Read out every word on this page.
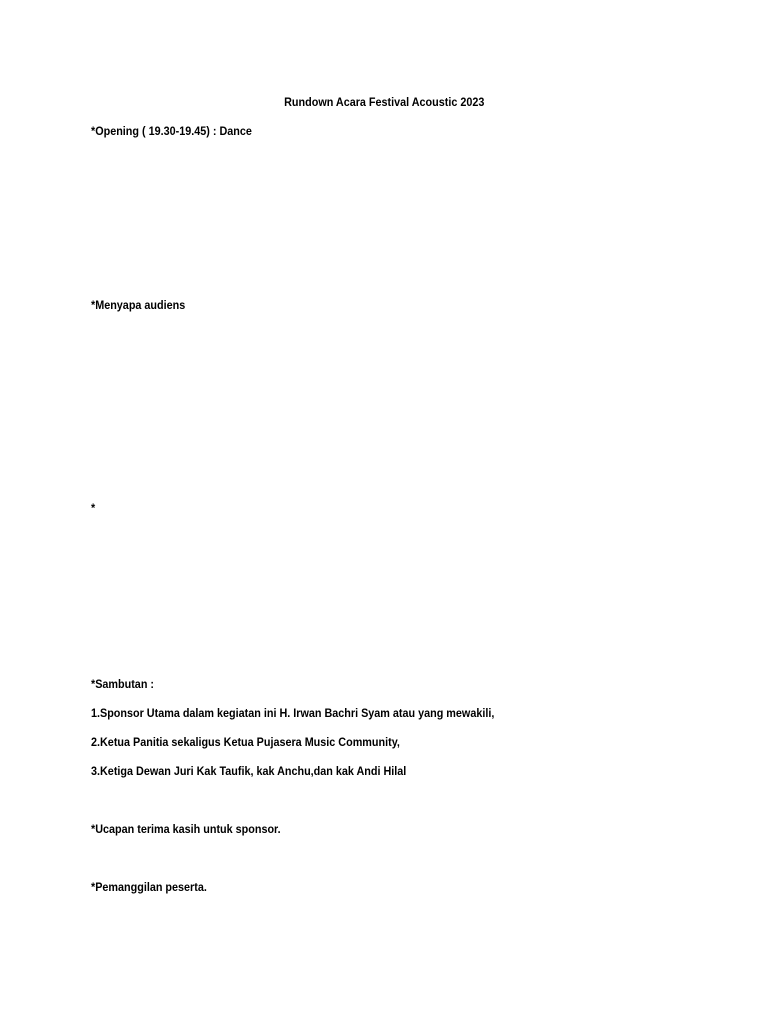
Rundown Acara Festival Acoustic 2023
*Opening ( 19.30-19.45) : Dance
*Menyapa audiens
*
*Sambutan :
1.Sponsor Utama dalam kegiatan ini H. Irwan Bachri Syam atau yang mewakili,
2.Ketua Panitia sekaligus Ketua Pujasera Music Community,
3.Ketiga Dewan Juri Kak Taufik, kak Anchu,dan kak Andi Hilal
*Ucapan terima kasih untuk sponsor.
*Pemanggilan peserta.
